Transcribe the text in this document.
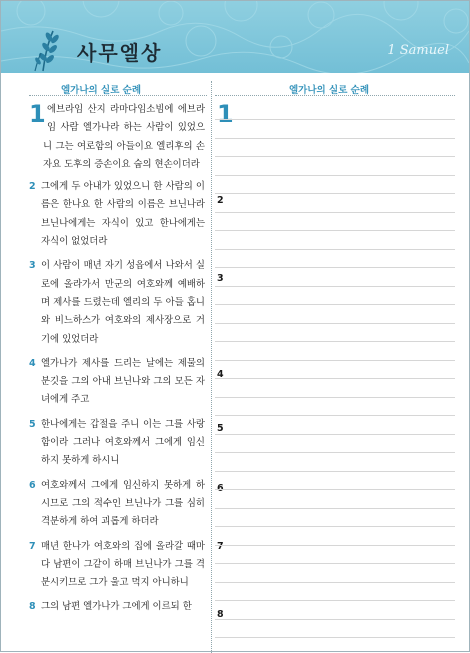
사무엘상	1 Samuel
엘가나의 실로 순례	엘가나의 실로 순례
1 에브라임 산지 라마다임소빔에 에브라임 사람 엘가나라 하는 사람이 있었으니 그는 여로함의 아들이요 엘리후의 손자요 도후의 증손이요 숩의 현손이더라
2 그에게 두 아내가 있었으니 한 사람의 이름은 한나요 한 사람의 이름은 브닌나라 브닌나에게는 자식이 있고 한나에게는 자식이 없었더라
3 이 사람이 매년 자기 성읍에서 나와서 실로에 올라가서 만군의 여호와께 예배하며 제사를 드렸는데 엘리의 두 아들 홉니와 비느하스가 여호와의 제사장으로 거기에 있었더라
4 엘가나가 제사를 드리는 날에는 제물의 분깃을 그의 아내 브닌나와 그의 모든 자녀에게 주고
5 한나에게는 갑절을 주니 이는 그를 사랑함이라 그러나 여호와께서 그에게 임신하지 못하게 하시니
6 여호와께서 그에게 임신하지 못하게 하시므로 그의 적수인 브닌나가 그를 심히 격분하게 하여 괴롭게 하더라
7 매년 한나가 여호와의 집에 올라갈 때마다 남편이 그같이 하매 브닌나가 그를 격분시키므로 그가 울고 먹지 아니하니
8 그의 남편 엘가나가 그에게 이르되 한
1
2
3
4
5
6
7
8
